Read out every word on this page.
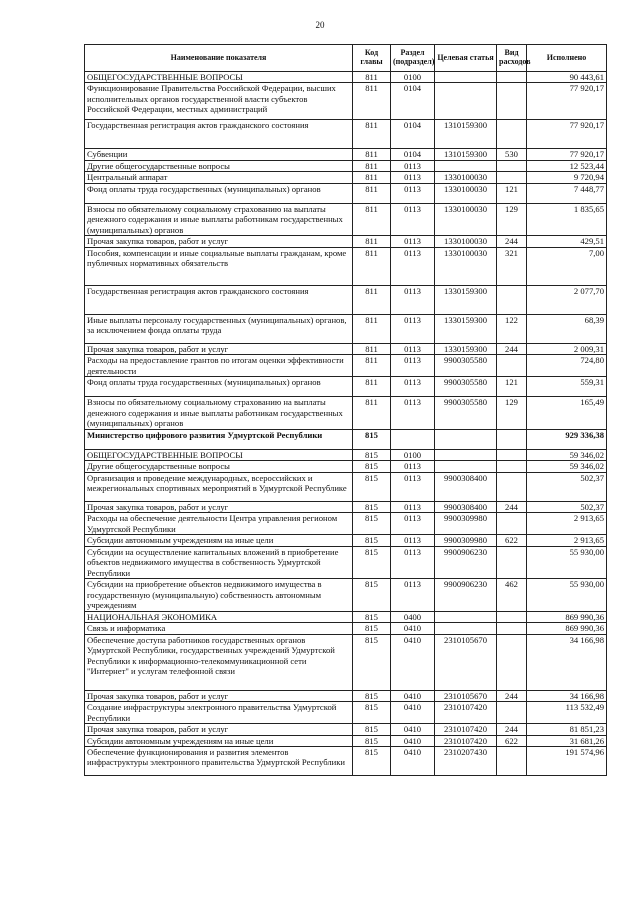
20
Наименование показателя	Код главы	Раздел (подраздел)	Целевая статья	Вид расходов	Исполнено
ОБЩЕГОСУДАРСТВЕННЫЕ ВОПРОСЫ	811	0100			90 443,61
Функционирование Правительства Российской Федерации, высших исполнительных органов государственной власти субъектов Российской Федерации, местных администраций	811	0104			77 920,17
Государственная регистрация актов гражданского состояния	811	0104	1310159300		77 920,17
Субвенции	811	0104	1310159300	530	77 920,17
Другие общегосударственные вопросы	811	0113			12 523,44
Центральный аппарат	811	0113	1330100030		9 720,94
Фонд оплаты труда государственных (муниципальных) органов	811	0113	1330100030	121	7 448,77
Взносы по обязательному социальному страхованию на выплаты денежного содержания и иные выплаты работникам государственных (муниципальных) органов	811	0113	1330100030	129	1 835,65
Прочая закупка товаров, работ и услуг	811	0113	1330100030	244	429,51
Пособия, компенсации и иные социальные выплаты гражданам, кроме публичных нормативных обязательств	811	0113	1330100030	321	7,00
Государственная регистрация актов гражданского состояния	811	0113	1330159300		2 077,70
Иные выплаты персоналу государственных (муниципальных) органов, за исключением фонда оплаты труда	811	0113	1330159300	122	68,39
Прочая закупка товаров, работ и услуг	811	0113	1330159300	244	2 009,31
Расходы на предоставление грантов по итогам оценки эффективности деятельности	811	0113	9900305580		724,80
Фонд оплаты труда государственных (муниципальных) органов	811	0113	9900305580	121	559,31
Взносы по обязательному социальному страхованию на выплаты денежного содержания и иные выплаты работникам государственных (муниципальных) органов	811	0113	9900305580	129	165,49
Министерство цифрового развития Удмуртской Республики	815				929 336,38
ОБЩЕГОСУДАРСТВЕННЫЕ ВОПРОСЫ	815	0100			59 346,02
Другие общегосударственные вопросы	815	0113			59 346,02
Организация и проведение международных, всероссийских и межрегиональных спортивных мероприятий в Удмуртской Республике	815	0113	9900308400		502,37
Прочая закупка товаров, работ и услуг	815	0113	9900308400	244	502,37
Расходы на обеспечение деятельности Центра управления регионом Удмуртской Республики	815	0113	9900309980		2 913,65
Субсидии автономным учреждениям на иные цели	815	0113	9900309980	622	2 913,65
Субсидии на осуществление капитальных вложений в приобретение объектов недвижимого имущества в собственность Удмуртской Республики	815	0113	9900906230		55 930,00
Субсидии на приобретение объектов недвижимого имущества в государственную (муниципальную) собственность автономным учреждениям	815	0113	9900906230	462	55 930,00
НАЦИОНАЛЬНАЯ ЭКОНОМИКА	815	0400			869 990,36
Связь и информатика	815	0410			869 990,36
Обеспечение доступа работников государственных органов Удмуртской Республики, государственных учреждений Удмуртской Республики к информационно-телекоммуникационной сети "Интернет" и услугам телефонной связи	815	0410	2310105670		34 166,98
Прочая закупка товаров, работ и услуг	815	0410	2310105670	244	34 166,98
Создание инфраструктуры электронного правительства Удмуртской Республики	815	0410	2310107420		113 532,49
Прочая закупка товаров, работ и услуг	815	0410	2310107420	244	81 851,23
Субсидии автономным учреждениям на иные цели	815	0410	2310107420	622	31 681,26
Обеспечение функционирования и развития элементов инфраструктуры электронного правительства Удмуртской Республики	815	0410	2310207430		191 574,96
